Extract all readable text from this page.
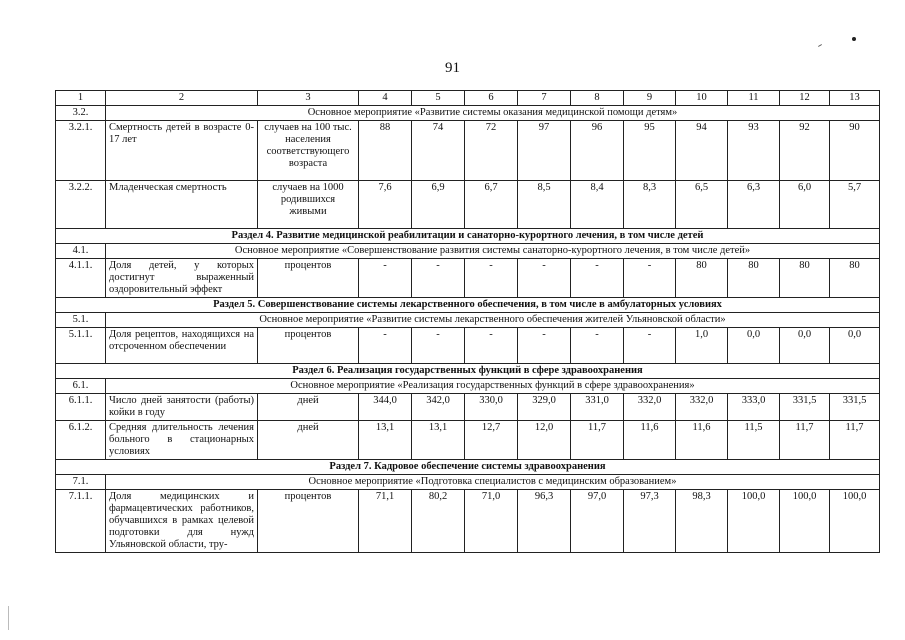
91
1	2	3	4	5	6	7	8	9	10	11	12	13
3.2.	Основное мероприятие «Развитие системы оказания медицинской помощи детям»											
3.2.1.	Смертность детей в возрасте 0-17 лет	случаев на 100 тыс. населения соответствующего возраста	88	74	72	97	96	95	94	93	92	90
3.2.2.	Младенческая смертность	случаев на 1000 родившихся живыми	7,6	6,9	6,7	8,5	8,4	8,3	6,5	6,3	6,0	5,7
Раздел 4. Развитие медицинской реабилитации и санаторно-курортного лечения, в том числе детей												
4.1.	Основное мероприятие «Совершенствование развития системы санаторно-курортного лечения, в том числе детей»											
4.1.1.	Доля детей, у которых достигнут выраженный оздоровительный эффект	процентов	-	-	-	-	-	-	80	80	80	80
Раздел 5. Совершенствование системы лекарственного обеспечения, в том числе в амбулаторных условиях												
5.1.	Основное мероприятие «Развитие системы лекарственного обеспечения жителей Ульяновской области»											
5.1.1.	Доля рецептов, находящихся на отсроченном обеспечении	процентов	-	-	-	-	-	-	1,0	0,0	0,0	0,0
Раздел 6. Реализация государственных функций в сфере здравоохранения												
6.1.	Основное мероприятие «Реализация государственных функций в сфере здравоохранения»											
6.1.1.	Число дней занятости (работы) койки в году	дней	344,0	342,0	330,0	329,0	331,0	332,0	332,0	333,0	331,5	331,5
6.1.2.	Средняя длительность лечения больного в стационарных условиях	дней	13,1	13,1	12,7	12,0	11,7	11,6	11,6	11,5	11,7	11,7
Раздел 7. Кадровое обеспечение системы здравоохранения												
7.1.	Основное мероприятие «Подготовка специалистов с медицинским образованием»											
7.1.1.	Доля медицинских и фармацевтических работников, обучавшихся в рамках целевой подготовки для нужд Ульяновской области, тру-	процентов	71,1	80,2	71,0	96,3	97,0	97,3	98,3	100,0	100,0	100,0
